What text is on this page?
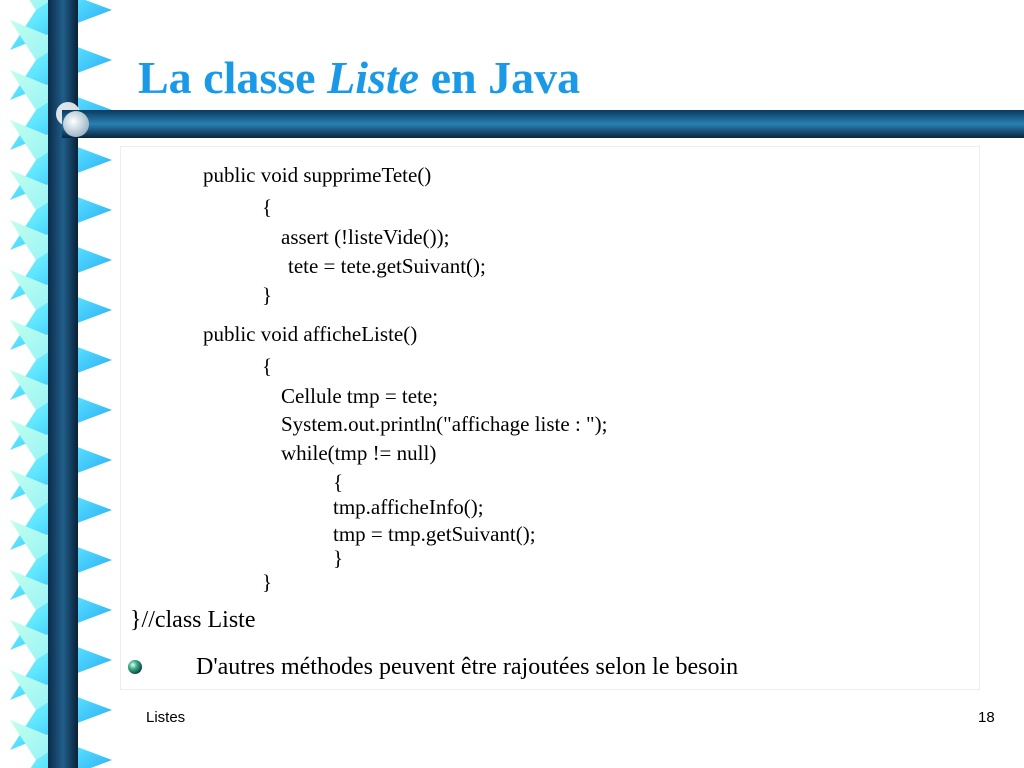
La classe Liste en Java
public void supprimeTete()
{
assert (!listeVide());
tete = tete.getSuivant();
}
public void afficheListe()
{
Cellule tmp = tete;
System.out.println("affichage liste : ");
while(tmp != null)
{
tmp.afficheInfo();
tmp = tmp.getSuivant();
}
}
}//class Liste
D'autres méthodes peuvent être rajoutées selon le besoin
Listes	18
